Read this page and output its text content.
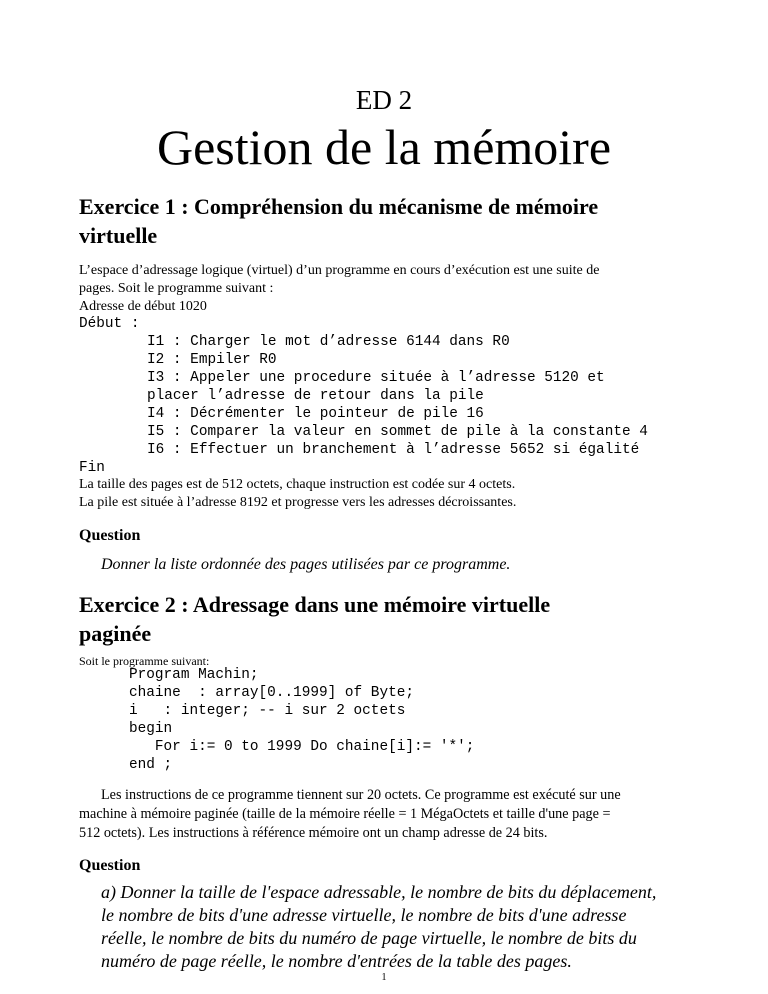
ED 2
Gestion de la mémoire
Exercice 1 : Compréhension du mécanisme de mémoire
virtuelle
L’espace d’adressage logique (virtuel) d’un programme en cours d’exécution est une suite de
pages. Soit le programme suivant :
Adresse de début 1020
Début :
I1 : Charger le mot d’adresse 6144 dans R0
I2 : Empiler R0
I3 : Appeler une procedure située à l’adresse 5120 et
placer l’adresse de retour dans la pile
I4 : Décrémenter le pointeur de pile 16
I5 : Comparer la valeur en sommet de pile à la constante 4
I6 : Effectuer un branchement à l’adresse 5652 si égalité
Fin
La taille des pages est de 512 octets, chaque instruction est codée sur 4 octets.
La pile est située à l’adresse 8192 et progresse vers les adresses décroissantes.
Question
Donner la liste ordonnée des pages utilisées par ce programme.
Exercice 2 : Adressage dans une mémoire virtuelle
paginée
Soit le programme suivant:
Program Machin;
chaine  : array[0..1999] of Byte;
i   : integer; -- i sur 2 octets
begin
For i:= 0 to 1999 Do chaine[i]:= '*';
end ;
Les instructions de ce programme tiennent sur 20 octets. Ce programme est exécuté sur une
machine à mémoire paginée (taille de la mémoire réelle = 1 MégaOctets et taille d'une page =
512 octets). Les instructions à référence mémoire ont un champ adresse de 24 bits.
Question
a) Donner la taille de l'espace adressable, le nombre de bits du déplacement,
le nombre de bits d'une adresse virtuelle, le nombre de bits d'une adresse
réelle, le nombre de bits du numéro de page virtuelle, le nombre de bits du
numéro de page réelle, le nombre d'entrées de la table des pages.
1
